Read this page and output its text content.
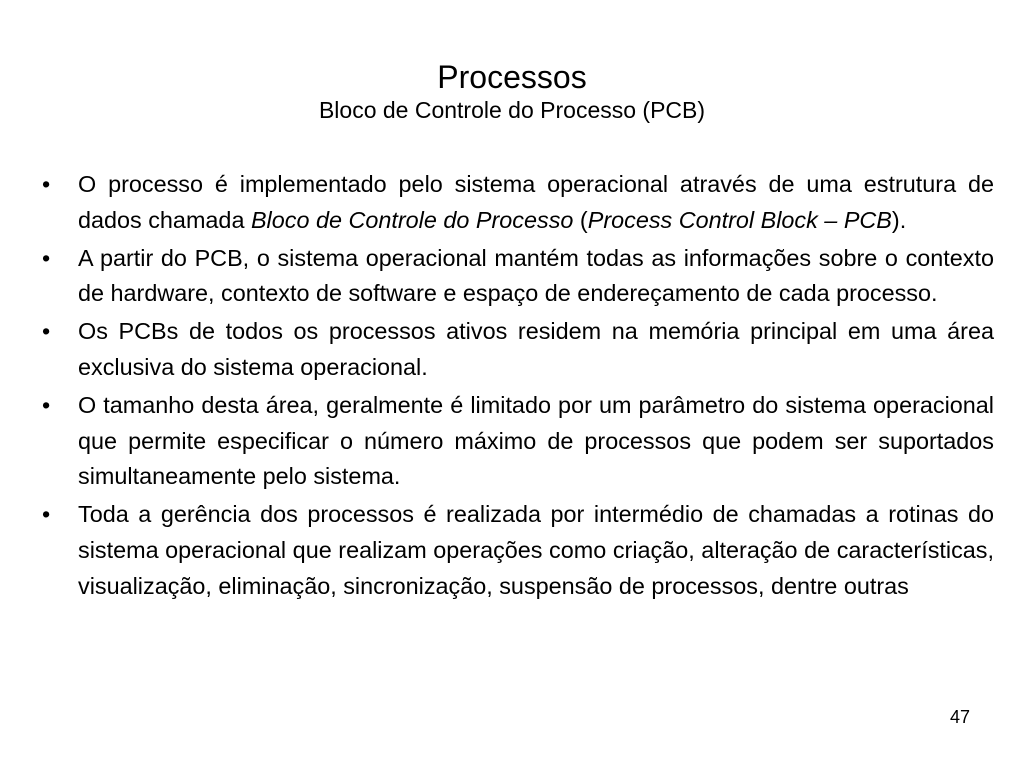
Processos

Bloco de Controle do Processo (PCB)

•	O processo é implementado pelo sistema operacional através de uma estrutura de dados chamada Bloco de Controle do Processo (Process Control Block – PCB).
•	A partir do PCB, o sistema operacional mantém todas as informações sobre o contexto de hardware, contexto de software e espaço de endereçamento de cada processo.
•	Os PCBs de todos os processos ativos residem na memória principal em uma área exclusiva do sistema operacional.
•	O tamanho desta área, geralmente é limitado por um parâmetro do sistema operacional que permite especificar o número máximo de processos que podem ser suportados simultaneamente pelo sistema.
•	Toda a gerência dos processos é realizada por intermédio de chamadas a rotinas do sistema operacional que realizam operações como criação, alteração de características, visualização, eliminação, sincronização, suspensão de processos, dentre outras
47
